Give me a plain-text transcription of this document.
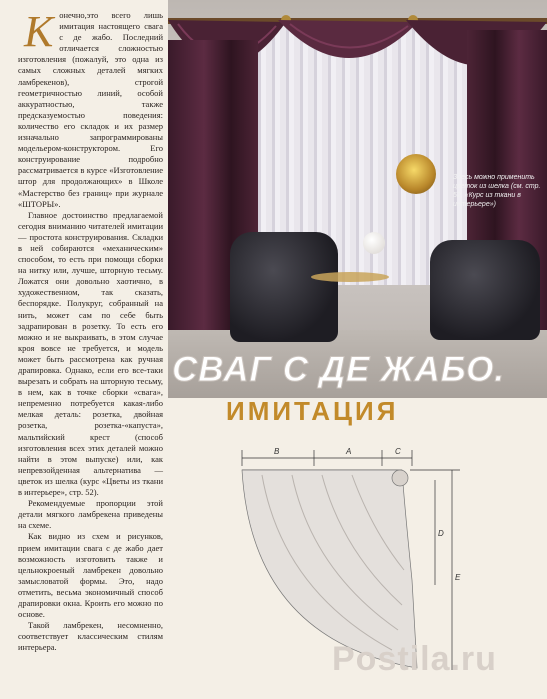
Здесь можно применить цветок из шелка (см. стр. 52, «Курс из ткани в интерьере»)
СВАГ С ДЕ ЖАБО.
ИМИТАЦИЯ
К онечно,это всего лишь имитация настоящего свага с де жабо. Последний отличается сложностью изготовления (пожалуй, это одна из самых сложных деталей мягких ламбрекенов), строгой геометричностью линий, особой аккуратностью, также предсказуемостью поведения: количество его складок и их размер изначально запрограммированы модельером-конструктором. Его конструирование подробно рассматривается в курсе «Изготовление штор для продолжающих» в Школе «Мастерство без границ» при журнале «ШТОРЫ».

Главное достоинство предлагаемой сегодня вниманию читателей имитации — простота конструирования. Складки в ней собираются «механическим» способом, то есть при помощи сборки на нитку или, лучше, шторную тесьму. Ложатся они довольно хаотично, в художественном, так сказать, беспорядке. Полукруг, собранный на нить, может сам по себе быть задрапирован в розетку. То есть его можно и не выкраивать, в этом случае кроя вовсе не требуется, и модель может быть рассмотрена как ручная драпировка. Однако, если его все-таки вырезать и собрать на шторную тесьму, в нем, как в точке сборки «свага», непременно потребуется какая-либо мелкая деталь: розетка, двойная розетка, розетка-«капуста», мальтийский крест (способ изготовления всех этих деталей можно найти в этом выпуске) или, как непревзойденная альтернатива — цветок из шелка (курс «Цветы из ткани в интерьере», стр. 52).

Рекомендуемые пропорции этой детали мягкого ламбрекена приведены на схеме.

Как видно из схем и рисунков, прием имитации свага с де жабо дает возможность изготовить также и цельнокроеный ламбрекен довольно замысловатой формы. Это, надо отметить, весьма экономичный способ драпировки окна. Кроить его можно по основе.

Такой ламбрекен, несомненно, соответствует классическим стилям интерьера.

B	A	C
D
E
Postila.ru
